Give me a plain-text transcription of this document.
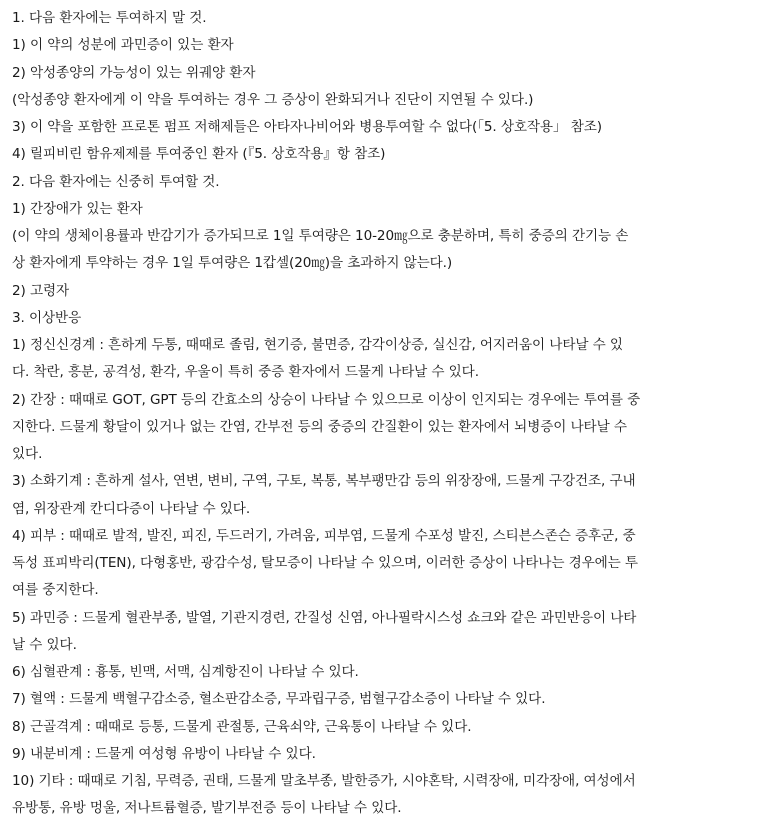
1. 다음 환자에는 투여하지 말 것.
1) 이 약의 성분에 과민증이 있는 환자
2) 악성종양의 가능성이 있는 위궤양 환자
(악성종양 환자에게 이 약을 투여하는 경우 그 증상이 완화되거나 진단이 지연될 수 있다.)
3) 이 약을 포함한 프로톤 펌프 저해제들은 아타자나비어와 병용투여할 수 없다(「5. 상호작용」 참조)
4) 릴피비린 함유제제를 투여중인 환자 (『5. 상호작용』항 참조)
2. 다음 환자에는 신중히 투여할 것.
1) 간장애가 있는 환자
(이 약의 생체이용률과 반감기가 증가되므로 1일 투여량은 10-20㎎으로 충분하며, 특히 중증의 간기능 손
상 환자에게 투약하는 경우 1일 투여량은 1캅셀(20㎎)을 초과하지 않는다.)
2) 고령자
3. 이상반응
1) 정신신경계 : 흔하게 두통, 때때로 졸림, 현기증, 불면증, 감각이상증, 실신감, 어지러움이 나타날 수 있
다. 착란, 흥분, 공격성, 환각, 우울이 특히 중증 환자에서 드물게 나타날 수 있다.
2) 간장 : 때때로 GOT, GPT 등의 간효소의 상승이 나타날 수 있으므로 이상이 인지되는 경우에는 투여를 중
지한다. 드물게 황달이 있거나 없는 간염, 간부전 등의 중증의 간질환이 있는 환자에서 뇌병증이 나타날 수
있다.
3) 소화기계 : 흔하게 설사, 연변, 변비, 구역, 구토, 복통, 복부팽만감 등의 위장장애, 드물게 구강건조, 구내
염, 위장관계 칸디다증이 나타날 수 있다.
4) 피부 : 때때로 발적, 발진, 피진, 두드러기, 가려움, 피부염, 드물게 수포성 발진, 스티븐스존슨 증후군, 중
독성 표피박리(TEN), 다형홍반, 광감수성, 탈모증이 나타날 수 있으며, 이러한 증상이 나타나는 경우에는 투
여를 중지한다.
5) 과민증 : 드물게 혈관부종, 발열, 기관지경련, 간질성 신염, 아나필락시스성 쇼크와 같은 과민반응이 나타
날 수 있다.
6) 심혈관계 : 흉통, 빈맥, 서맥, 심계항진이 나타날 수 있다.
7) 혈액 : 드물게 백혈구감소증, 혈소판감소증, 무과립구증, 범혈구감소증이 나타날 수 있다.
8) 근골격계 : 때때로 등통, 드물게 관절통, 근육쇠약, 근육통이 나타날 수 있다.
9) 내분비계 : 드물게 여성형 유방이 나타날 수 있다.
10) 기타 : 때때로 기침, 무력증, 권태, 드물게 말초부종, 발한증가, 시야혼탁, 시력장애, 미각장애, 여성에서
유방통, 유방 멍울, 저나트륨혈증, 발기부전증 등이 나타날 수 있다.
